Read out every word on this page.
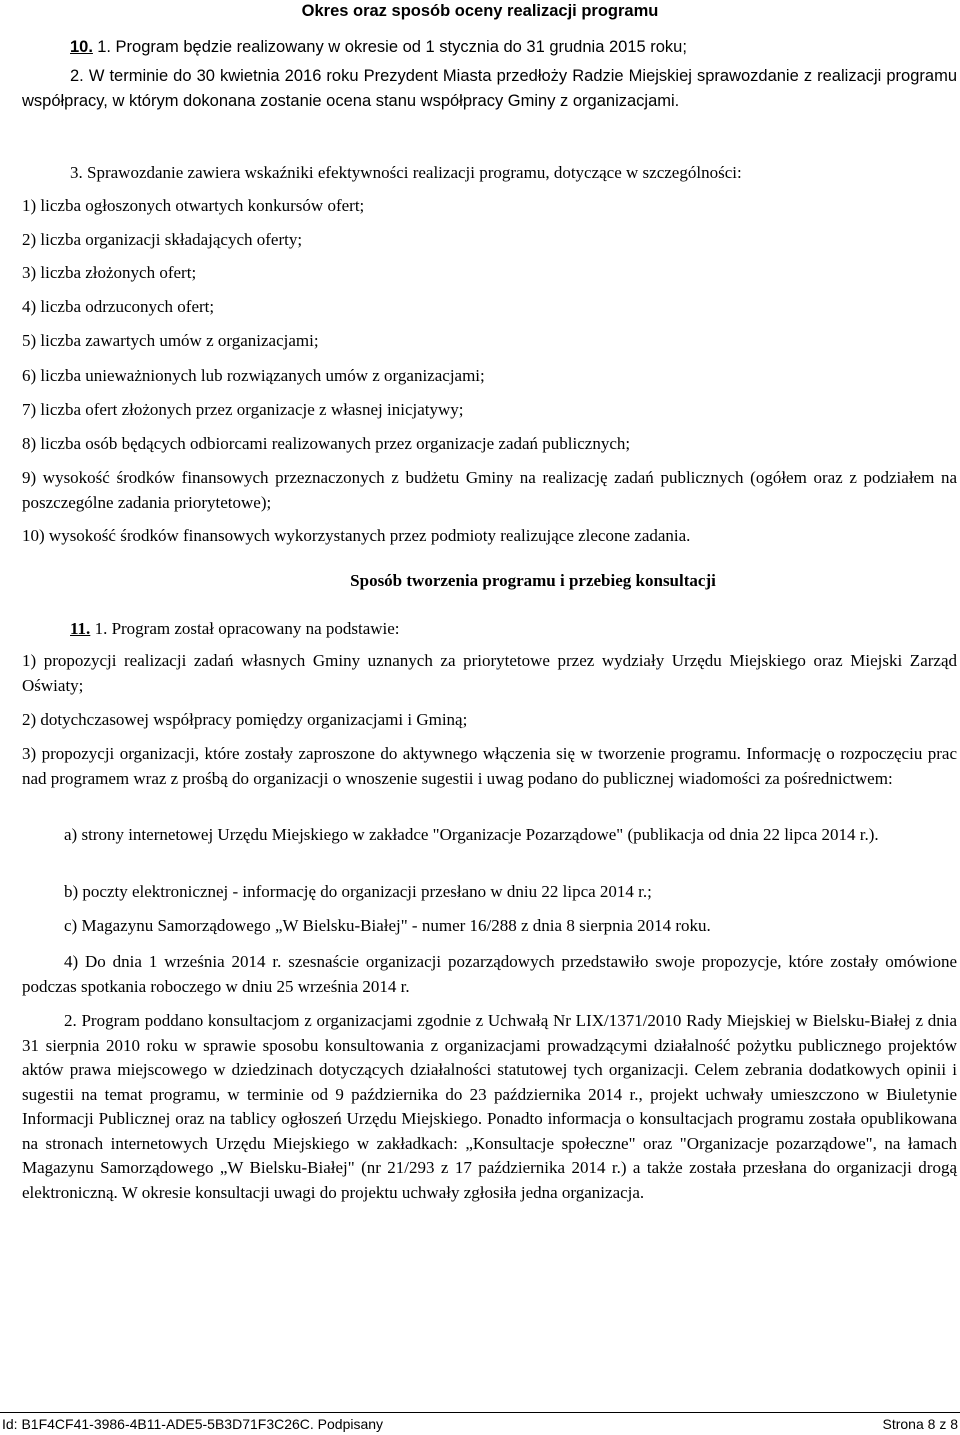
Okres oraz sposób oceny realizacji programu
10. 1. Program będzie realizowany w okresie od 1 stycznia do 31 grudnia 2015 roku;
2. W terminie do 30 kwietnia 2016 roku Prezydent Miasta przedłoży Radzie Miejskiej sprawozdanie z realizacji programu współpracy, w którym dokonana zostanie ocena stanu współpracy Gminy z organizacjami.
3. Sprawozdanie zawiera wskaźniki efektywności realizacji programu, dotyczące w szczególności:
1) liczba ogłoszonych otwartych konkursów ofert;
2) liczba organizacji składających oferty;
3) liczba złożonych ofert;
4) liczba odrzuconych ofert;
5) liczba zawartych umów z organizacjami;
6) liczba unieważnionych lub rozwiązanych umów z organizacjami;
7) liczba ofert złożonych przez organizacje z własnej inicjatywy;
8) liczba osób będących odbiorcami realizowanych przez organizacje zadań publicznych;
9) wysokość środków finansowych przeznaczonych z budżetu Gminy na realizację zadań publicznych (ogółem oraz z podziałem na poszczególne zadania priorytetowe);
10) wysokość środków finansowych wykorzystanych przez podmioty realizujące zlecone zadania.
Sposób tworzenia programu i przebieg konsultacji
11. 1. Program został opracowany na podstawie:
1) propozycji realizacji zadań własnych Gminy uznanych za priorytetowe przez wydziały Urzędu Miejskiego oraz Miejski Zarząd Oświaty;
2) dotychczasowej współpracy pomiędzy organizacjami i Gminą;
3) propozycji organizacji, które zostały zaproszone do aktywnego włączenia się w tworzenie programu. Informację o rozpoczęciu prac nad programem wraz z prośbą do organizacji o wnoszenie sugestii i uwag podano do publicznej wiadomości za pośrednictwem:
a) strony internetowej Urzędu Miejskiego w zakładce "Organizacje Pozarządowe" (publikacja od dnia 22 lipca 2014 r.).
b) poczty elektronicznej - informację do organizacji przesłano w dniu 22 lipca 2014 r.;
c) Magazynu Samorządowego „W Bielsku-Białej" - numer 16/288 z dnia 8 sierpnia 2014 roku.
4) Do dnia 1 września 2014 r. szesnaście organizacji pozarządowych przedstawiło swoje propozycje, które zostały omówione podczas spotkania roboczego w dniu 25 września 2014 r.
2. Program poddano konsultacjom z organizacjami zgodnie z Uchwałą Nr LIX/1371/2010 Rady Miejskiej w Bielsku-Białej z dnia 31 sierpnia 2010 roku w sprawie sposobu konsultowania z organizacjami prowadzącymi działalność pożytku publicznego projektów aktów prawa miejscowego w dziedzinach dotyczących działalności statutowej tych organizacji. Celem zebrania dodatkowych opinii i sugestii na temat programu, w terminie od 9 października do 23 października 2014 r., projekt uchwały umieszczono w Biuletynie Informacji Publicznej oraz na tablicy ogłoszeń Urzędu Miejskiego. Ponadto informacja o konsultacjach programu została opublikowana na stronach internetowych Urzędu Miejskiego w zakładkach: „Konsultacje społeczne" oraz "Organizacje pozarządowe", na łamach Magazynu Samorządowego „W Bielsku-Białej" (nr 21/293 z 17 października 2014 r.) a także została przesłana do organizacji drogą elektroniczną. W okresie konsultacji uwagi do projektu uchwały zgłosiła jedna organizacja.
Id: B1F4CF41-3986-4B11-ADE5-5B3D71F3C26C. Podpisany	Strona 8 z 8
